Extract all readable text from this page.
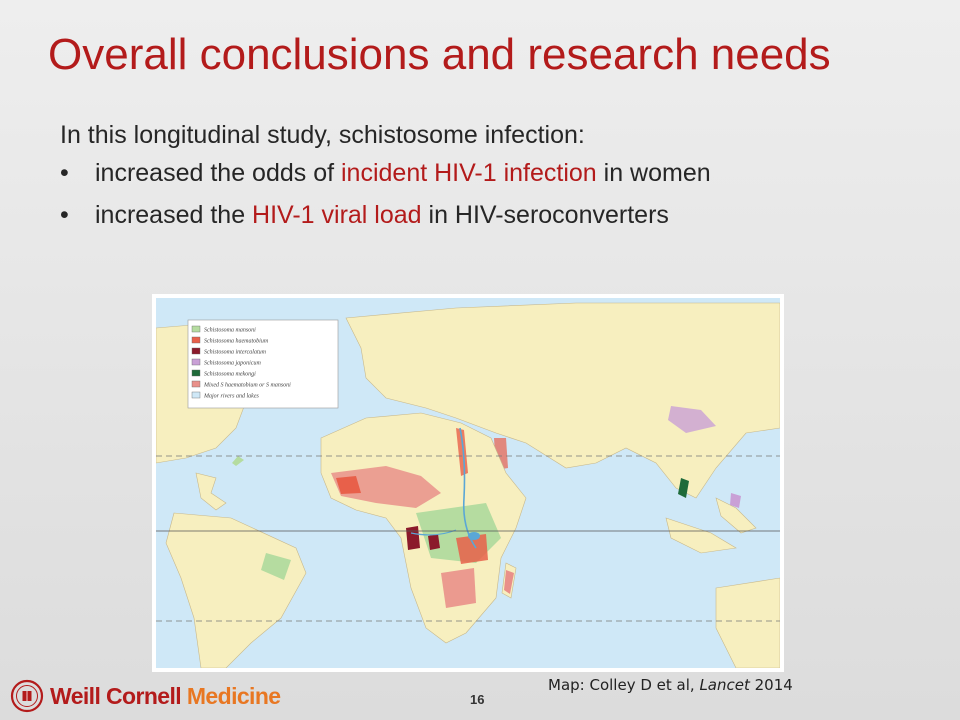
Overall conclusions and research needs

In this longitudinal study, schistosome infection:

• increased the odds of incident HIV-1 infection in women
• increased the HIV-1 viral load in HIV-seroconverters
Schistosoma mansoni
Schistosoma haematobium
Schistosoma intercalatum
Schistosoma japonicum
Schistosoma mekongi
Mixed S haematobium or S mansoni
Major rivers and lakes
Map: Colley D et al, Lancet 2014
16
Weill Cornell Medicine
